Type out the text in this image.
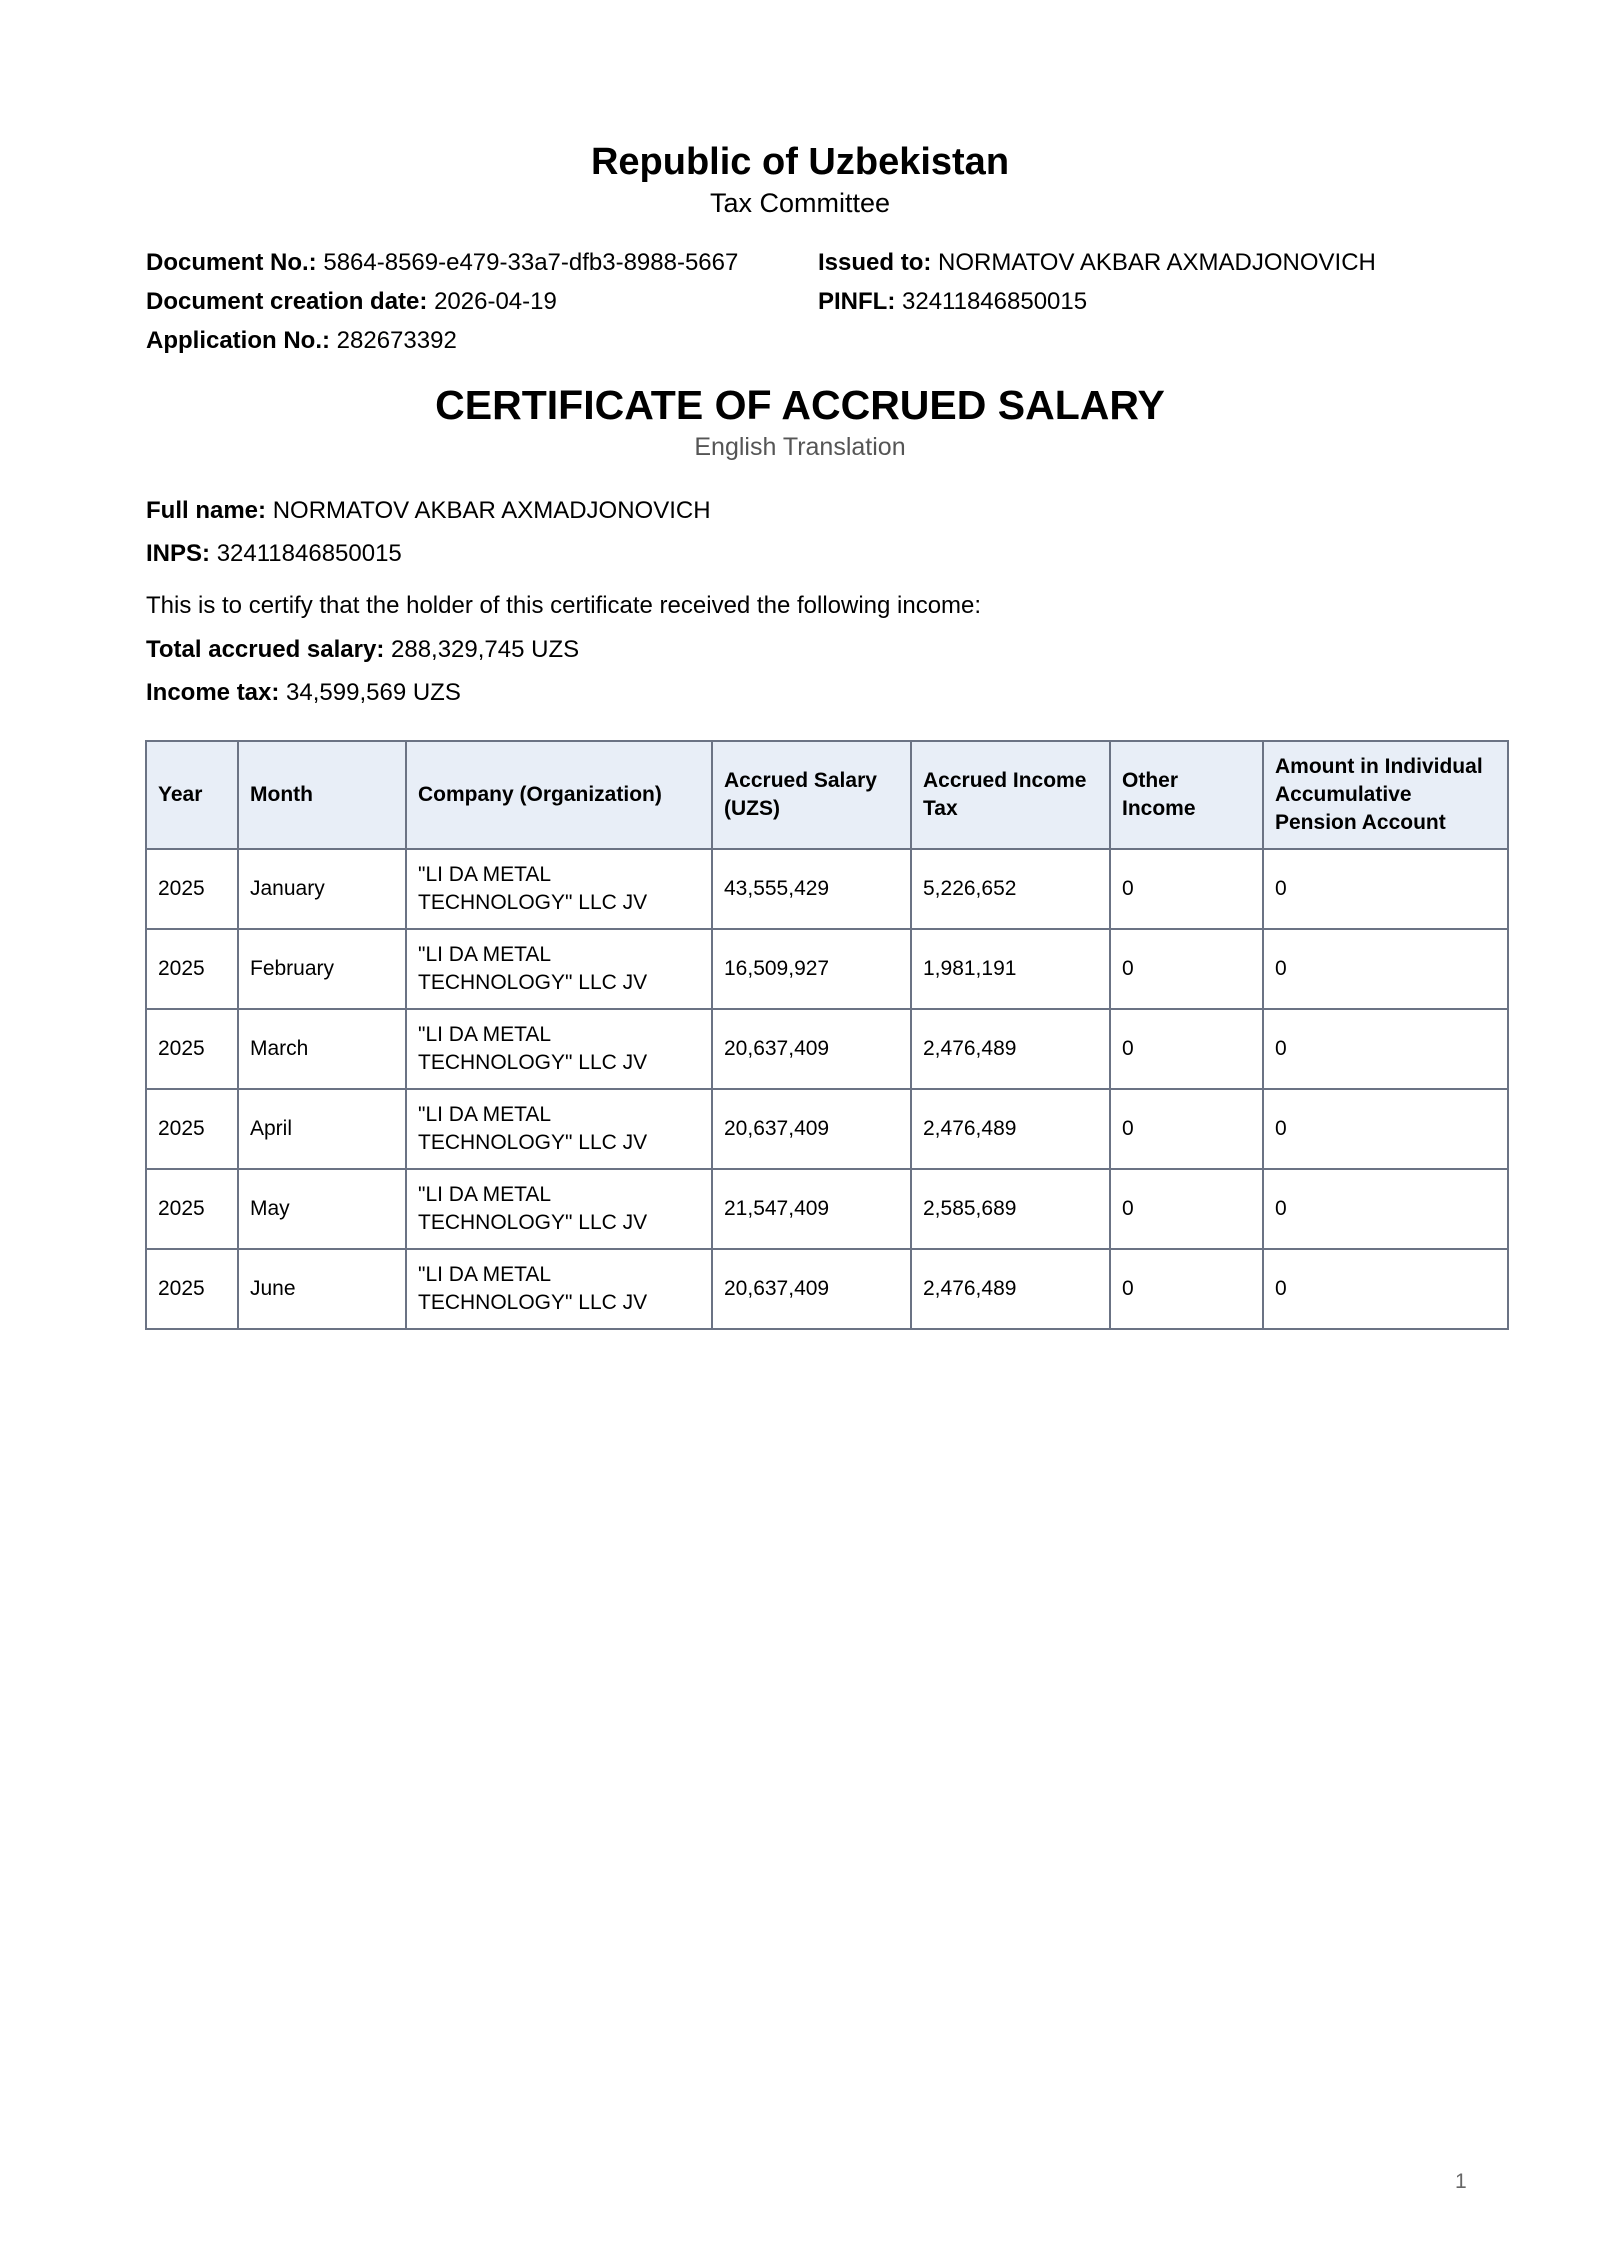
Republic of Uzbekistan
Tax Committee
Document No.: 5864-8569-e479-33a7-dfb3-8988-5667
Document creation date: 2026-04-19
Application No.: 282673392
Issued to: NORMATOV AKBAR AXMADJONOVICH
PINFL: 32411846850015
CERTIFICATE OF ACCRUED SALARY
English Translation
Full name: NORMATOV AKBAR AXMADJONOVICH
INPS: 32411846850015
This is to certify that the holder of this certificate received the following income:
Total accrued salary: 288,329,745 UZS
Income tax: 34,599,569 UZS
Year	Month	Company (Organization)	Accrued Salary (UZS)	Accrued Income Tax	Other Income	Amount in Individual Accumulative Pension Account
2025	January	"LI DA METAL TECHNOLOGY" LLC JV	43,555,429	5,226,652	0	0
2025	February	"LI DA METAL TECHNOLOGY" LLC JV	16,509,927	1,981,191	0	0
2025	March	"LI DA METAL TECHNOLOGY" LLC JV	20,637,409	2,476,489	0	0
2025	April	"LI DA METAL TECHNOLOGY" LLC JV	20,637,409	2,476,489	0	0
2025	May	"LI DA METAL TECHNOLOGY" LLC JV	21,547,409	2,585,689	0	0
2025	June	"LI DA METAL TECHNOLOGY" LLC JV	20,637,409	2,476,489	0	0
1
